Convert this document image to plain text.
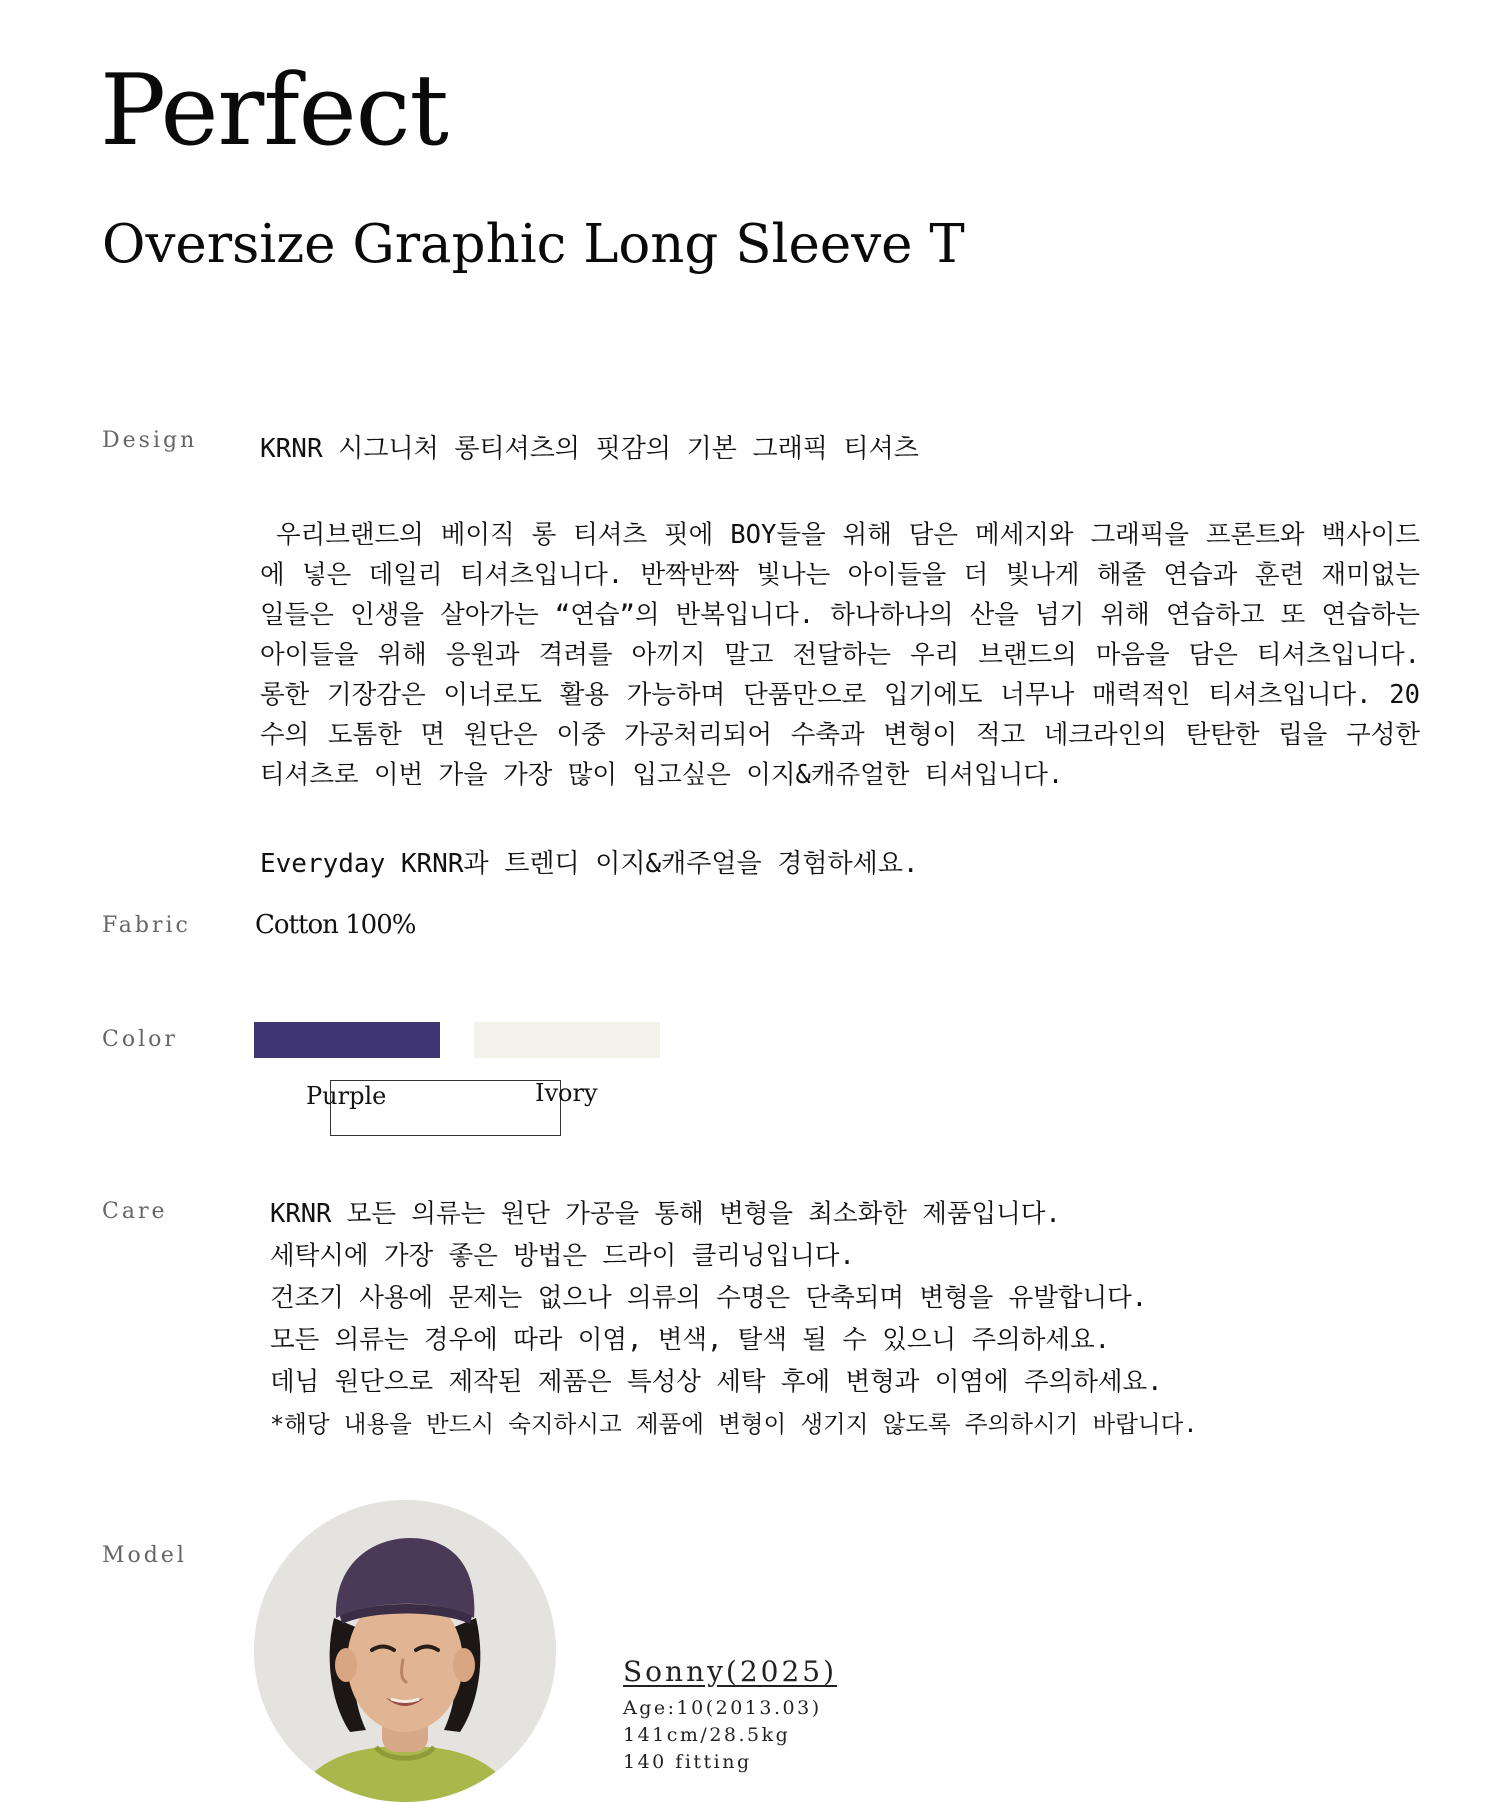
Perfect
Oversize Graphic Long Sleeve T
Design KRNR 시그니처 롱티셔츠의 핏감의 기본 그래픽 티셔츠
우리브랜드의 베이직 롱 티셔츠 핏에 BOY들을 위해 담은 메세지와 그래픽을 프론트와 백사이드에 넣은 데일리 티셔츠입니다. 반짝반짝 빛나는 아이들을 더 빛나게 해줄 연습과 훈련 재미없는 일들은 인생을 살아가는 “연습”의 반복입니다. 하나하나의 산을 넘기 위해 연습하고 또 연습하는 아이들을 위해 응원과 격려를 아끼지 말고 전달하는 우리 브랜드의 마음을 담은 티셔츠입니다. 롱한 기장감은 이너로도 활용 가능하며 단품만으로 입기에도 너무나 매력적인 티셔츠입니다. 20수의 도톰한 면 원단은 이중 가공처리되어 수축과 변형이 적고 네크라인의 탄탄한 립을 구성한 티셔츠로 이번 가을 가장 많이 입고싶은 이지&캐쥬얼한 티셔입니다.
Everyday KRNR과 트렌디 이지&캐주얼을 경험하세요.
Fabric Cotton 100%
Color
Purple	Ivory
Care	KRNR 모든 의류는 원단 가공을 통해 변형을 최소화한 제품입니다.
세탁시에 가장 좋은 방법은 드라이 클리닝입니다.
건조기 사용에 문제는 없으나 의류의 수명은 단축되며 변형을 유발합니다.
모든 의류는 경우에 따라 이염, 변색, 탈색 될 수 있으니 주의하세요.
데님 원단으로 제작된 제품은 특성상 세탁 후에 변형과 이염에 주의하세요.
*해당 내용을 반드시 숙지하시고 제품에 변형이 생기지 않도록 주의하시기 바랍니다.
Model
Sonny(2025)
Age:10(2013.03)
141cm/28.5kg
140 fitting
